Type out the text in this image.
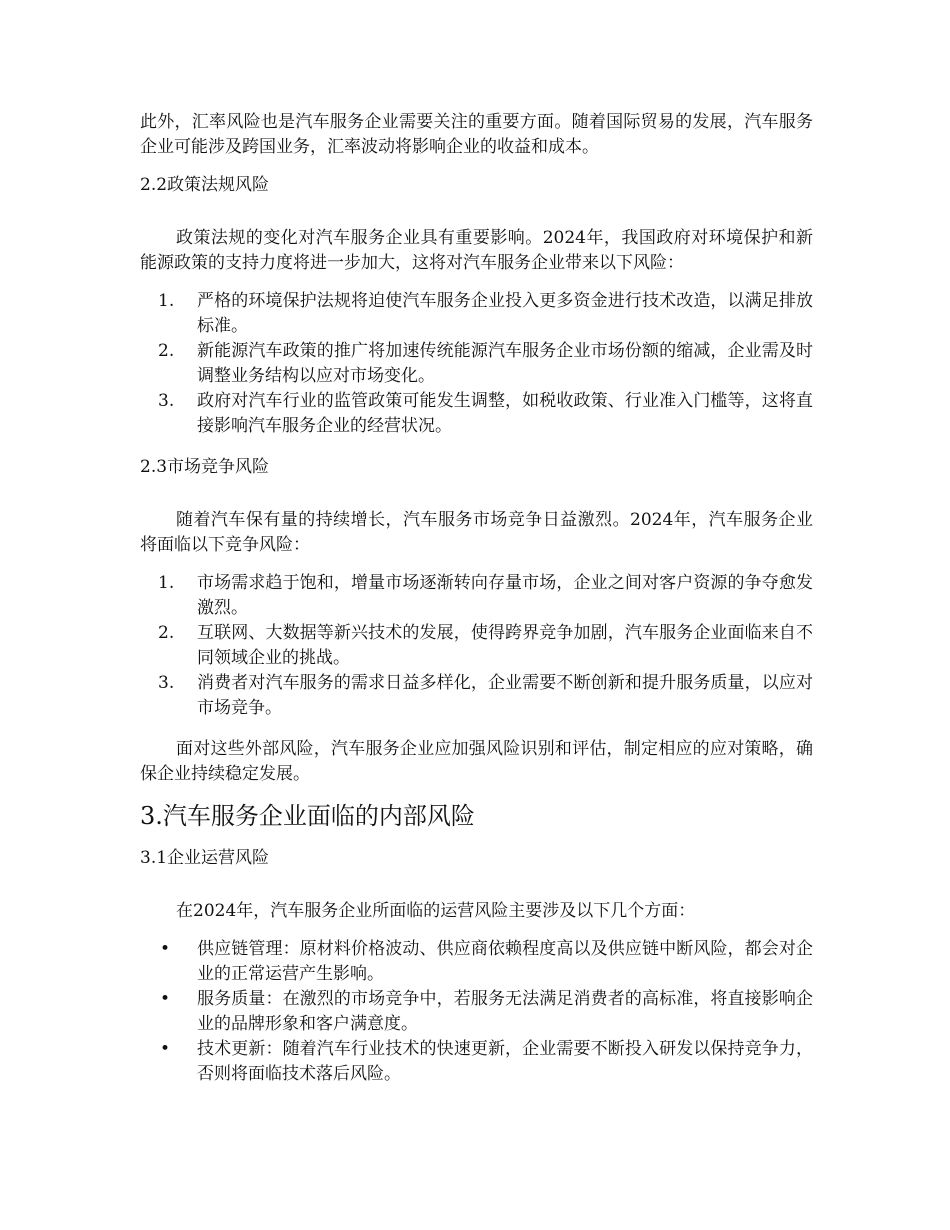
此外，汇率风险也是汽车服务企业需要关注的重要方面。随着国际贸易的发展，汽车服务企业可能涉及跨国业务，汇率波动将影响企业的收益和成本。

2.2政策法规风险

政策法规的变化对汽车服务企业具有重要影响。2024年，我国政府对环境保护和新能源政策的支持力度将进一步加大，这将对汽车服务企业带来以下风险：

1. 严格的环境保护法规将迫使汽车服务企业投入更多资金进行技术改造，以满足排放标准。
2. 新能源汽车政策的推广将加速传统能源汽车服务企业市场份额的缩减，企业需及时调整业务结构以应对市场变化。
3. 政府对汽车行业的监管政策可能发生调整，如税收政策、行业准入门槛等，这将直接影响汽车服务企业的经营状况。
2.3市场竞争风险

随着汽车保有量的持续增长，汽车服务市场竞争日益激烈。2024年，汽车服务企业将面临以下竞争风险：

1. 市场需求趋于饱和，增量市场逐渐转向存量市场，企业之间对客户资源的争夺愈发激烈。
2. 互联网、大数据等新兴技术的发展，使得跨界竞争加剧，汽车服务企业面临来自不同领域企业的挑战。
3. 消费者对汽车服务的需求日益多样化，企业需要不断创新和提升服务质量，以应对市场竞争。

面对这些外部风险，汽车服务企业应加强风险识别和评估，制定相应的应对策略，确保企业持续稳定发展。

3.汽车服务企业面临的内部风险
3.1企业运营风险

在2024年，汽车服务企业所面临的运营风险主要涉及以下几个方面：

• 供应链管理：原材料价格波动、供应商依赖程度高以及供应链中断风险，都会对企业的正常运营产生影响。
• 服务质量：在激烈的市场竞争中，若服务无法满足消费者的高标准，将直接影响企业的品牌形象和客户满意度。
• 技术更新：随着汽车行业技术的快速更新，企业需要不断投入研发以保持竞争力，否则将面临技术落后风险。
